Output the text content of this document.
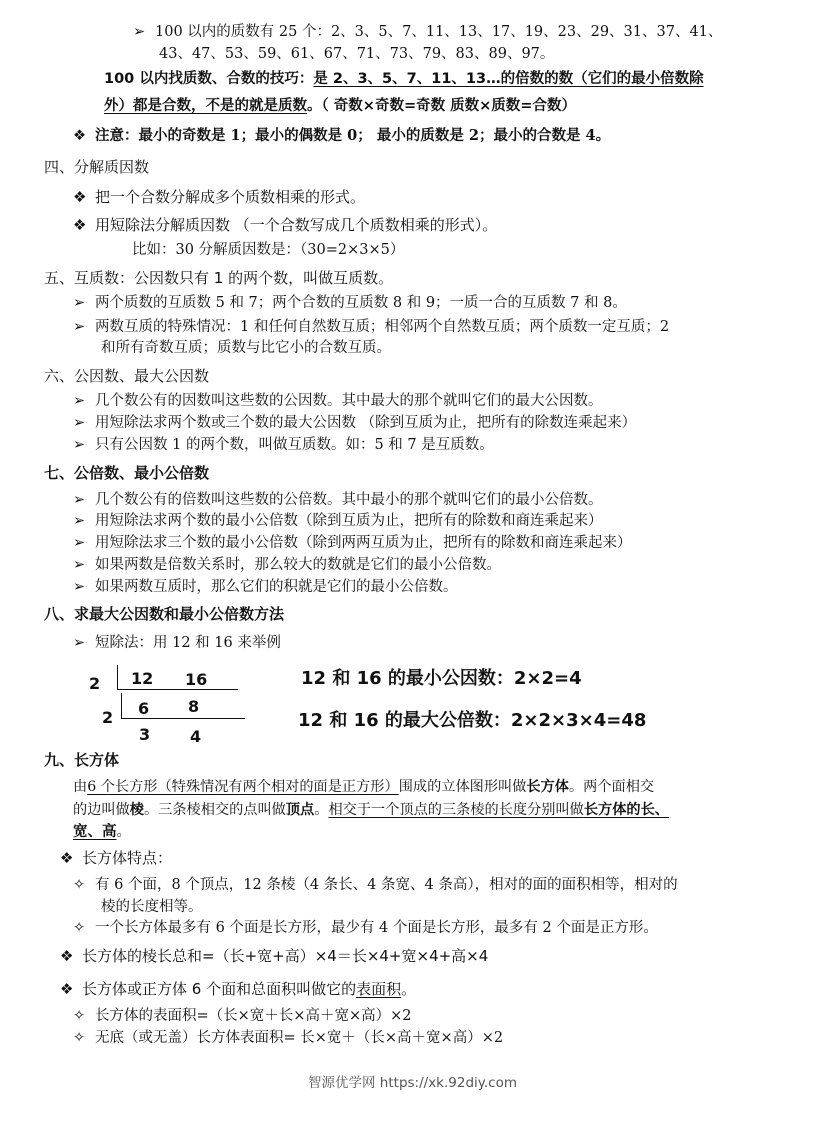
➢ 100 以内的质数有 25 个：2、3、5、7、11、13、17、19、23、29、31、37、41、
43、47、53、59、61、67、71、73、79、83、89、97。
100 以内找质数、合数的技巧：是 2、3、5、7、11、13…的倍数的数（它们的最小倍数除
外）都是合数，不是的就是质数。（ 奇数×奇数=奇数 质数×质数=合数）
❖ 注意：最小的奇数是 1；最小的偶数是 0； 最小的质数是 2；最小的合数是 4。
四、分解质因数
❖ 把一个合数分解成多个质数相乘的形式。
❖ 用短除法分解质因数 （一个合数写成几个质数相乘的形式）。
比如：30 分解质因数是：（30=2×3×5）
五、互质数：公因数只有 1 的两个数，叫做互质数。
➢ 两个质数的互质数 5 和 7；两个合数的互质数 8 和 9；一质一合的互质数 7 和 8。
➢ 两数互质的特殊情况：1 和任何自然数互质；相邻两个自然数互质；两个质数一定互质；2
和所有奇数互质；质数与比它小的合数互质。
六、公因数、最大公因数
➢ 几个数公有的因数叫这些数的公因数。其中最大的那个就叫它们的最大公因数。
➢ 用短除法求两个数或三个数的最大公因数 （除到互质为止，把所有的除数连乘起来）
➢ 只有公因数 1 的两个数，叫做互质数。如：5 和 7 是互质数。
七、公倍数、最小公倍数
➢ 几个数公有的倍数叫这些数的公倍数。其中最小的那个就叫它们的最小公倍数。
➢ 用短除法求两个数的最小公倍数（除到互质为止，把所有的除数和商连乘起来）
➢ 用短除法求三个数的最小公倍数（除到两两互质为止，把所有的除数和商连乘起来）
➢ 如果两数是倍数关系时，那么较大的数就是它们的最小公倍数。
➢ 如果两数互质时，那么它们的积就是它们的最小公倍数。
八、求最大公因数和最小公倍数方法
➢ 短除法：用 12 和 16 来举例
2 12 16
2 6 8
3 4
12 和 16 的最小公因数：2×2=4
12 和 16 的最大公倍数：2×2×3×4=48
九、长方体
由6 个长方形（特殊情况有两个相对的面是正方形）围成的立体图形叫做长方体。两个面相交
的边叫做棱。三条棱相交的点叫做顶点。相交于一个顶点的三条棱的长度分别叫做长方体的长、
宽、高。
❖ 长方体特点：
✧ 有 6 个面，8 个顶点，12 条棱（4 条长、4 条宽、4 条高），相对的面的面积相等，相对的
棱的长度相等。
✧ 一个长方体最多有 6 个面是长方形，最少有 4 个面是长方形，最多有 2 个面是正方形。
❖ 长方体的棱长总和=（长+宽+高）×4＝长×4+宽×4+高×4
❖ 长方体或正方体 6 个面和总面积叫做它的表面积。
✧ 长方体的表面积=（长×宽＋长×高＋宽×高）×2
✧ 无底（或无盖）长方体表面积= 长×宽＋（长×高＋宽×高）×2
智源优学网 https://xk.92diy.com
